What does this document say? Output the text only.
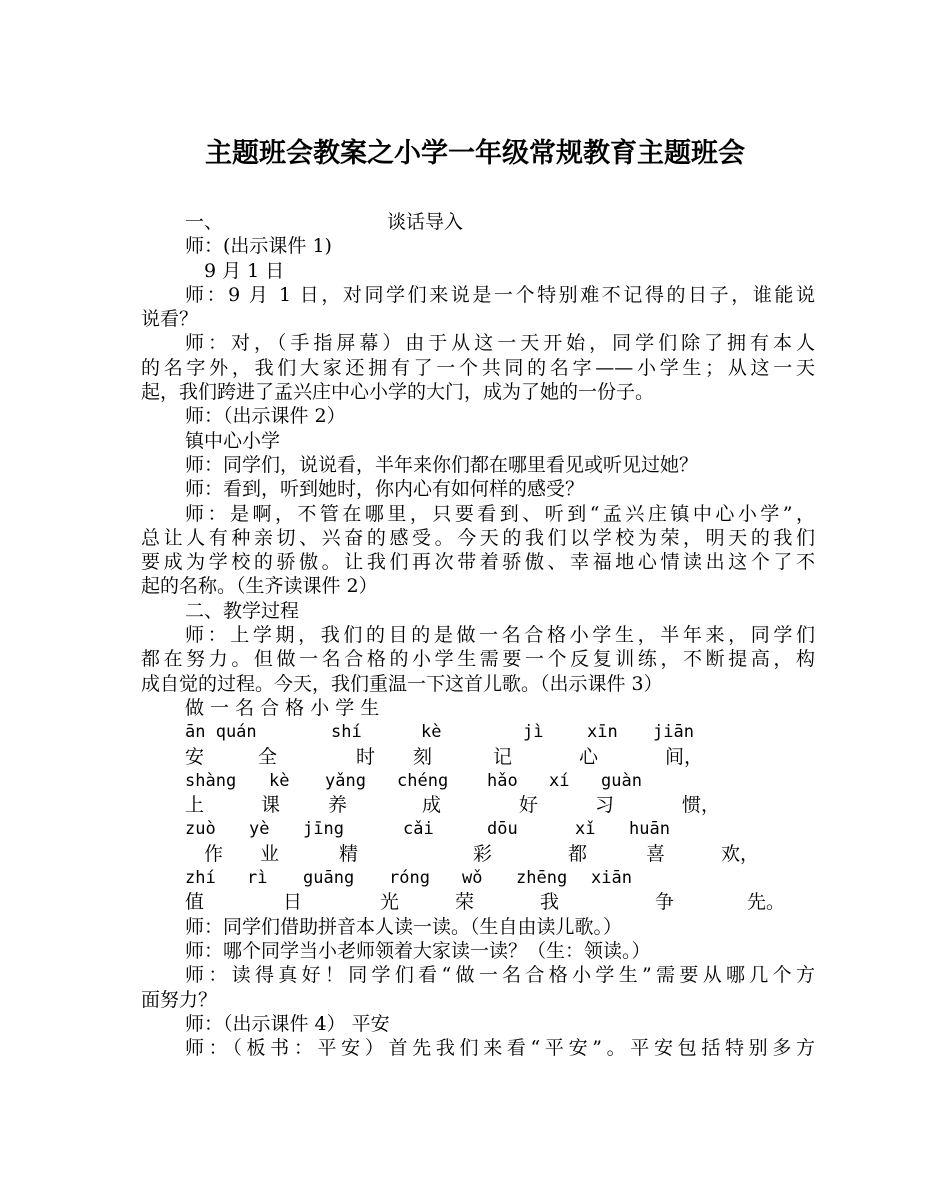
主题班会教案之小学一年级常规教育主题班会
一、	谈话导入
师：(出示课件 1)
9 月 1 日
师：9 月 1 日，对同学们来说是一个特别难不记得的日子，谁能说
说看？
师：对，（手指屏幕）由于从这一天开始，同学们除了拥有本人
的名字外，我们大家还拥有了一个共同的名字——小学生；从这一天
起，我们跨进了孟兴庄中心小学的大门，成为了她的一份子。
师：（出示课件 2）
镇中心小学
师：同学们，说说看，半年来你们都在哪里看见或听见过她？
师：看到，听到她时，你内心有如何样的感受？
师：是啊，不管在哪里，只要看到、听到“孟兴庄镇中心小学”，
总让人有种亲切、兴奋的感受。今天的我们以学校为荣，明天的我们
要成为学校的骄傲。让我们再次带着骄傲、幸福地心情读出这个了不
起的名称。（生齐读课件 2）
二、教学过程
师：上学期，我们的目的是做一名合格小学生，半年来，同学们
都在努力。但做一名合格的小学生需要一个反复训练，不断提高，构
成自觉的过程。今天，我们重温一下这首儿歌。（出示课件 3）
做 一 名 合 格 小 学 生
ān quán	shí	kè	jì	xīn	jiān
安	全	时	刻	记	心	间，
shàng	kè	yǎng	chéng	hǎo	xí	guàn
上	课	养	成	好	习	惯，
zuò	yè	jīng	cǎi	dōu	xǐ	huān
作	业	精	彩	都	喜	欢，
zhí	rì	guāng	róng	wǒ	zhēng	xiān
值	日	光	荣	我	争	先。
师：同学们借助拼音本人读一读。（生自由读儿歌。）
师：哪个同学当小老师领着大家读一读？（生：领读。）
师：读得真好！同学们看“做一名合格小学生”需要从哪几个方
面努力？
师：（出示课件 4） 平安
师：（板书：平安）首先我们来看“平安”。平安包括特别多方
